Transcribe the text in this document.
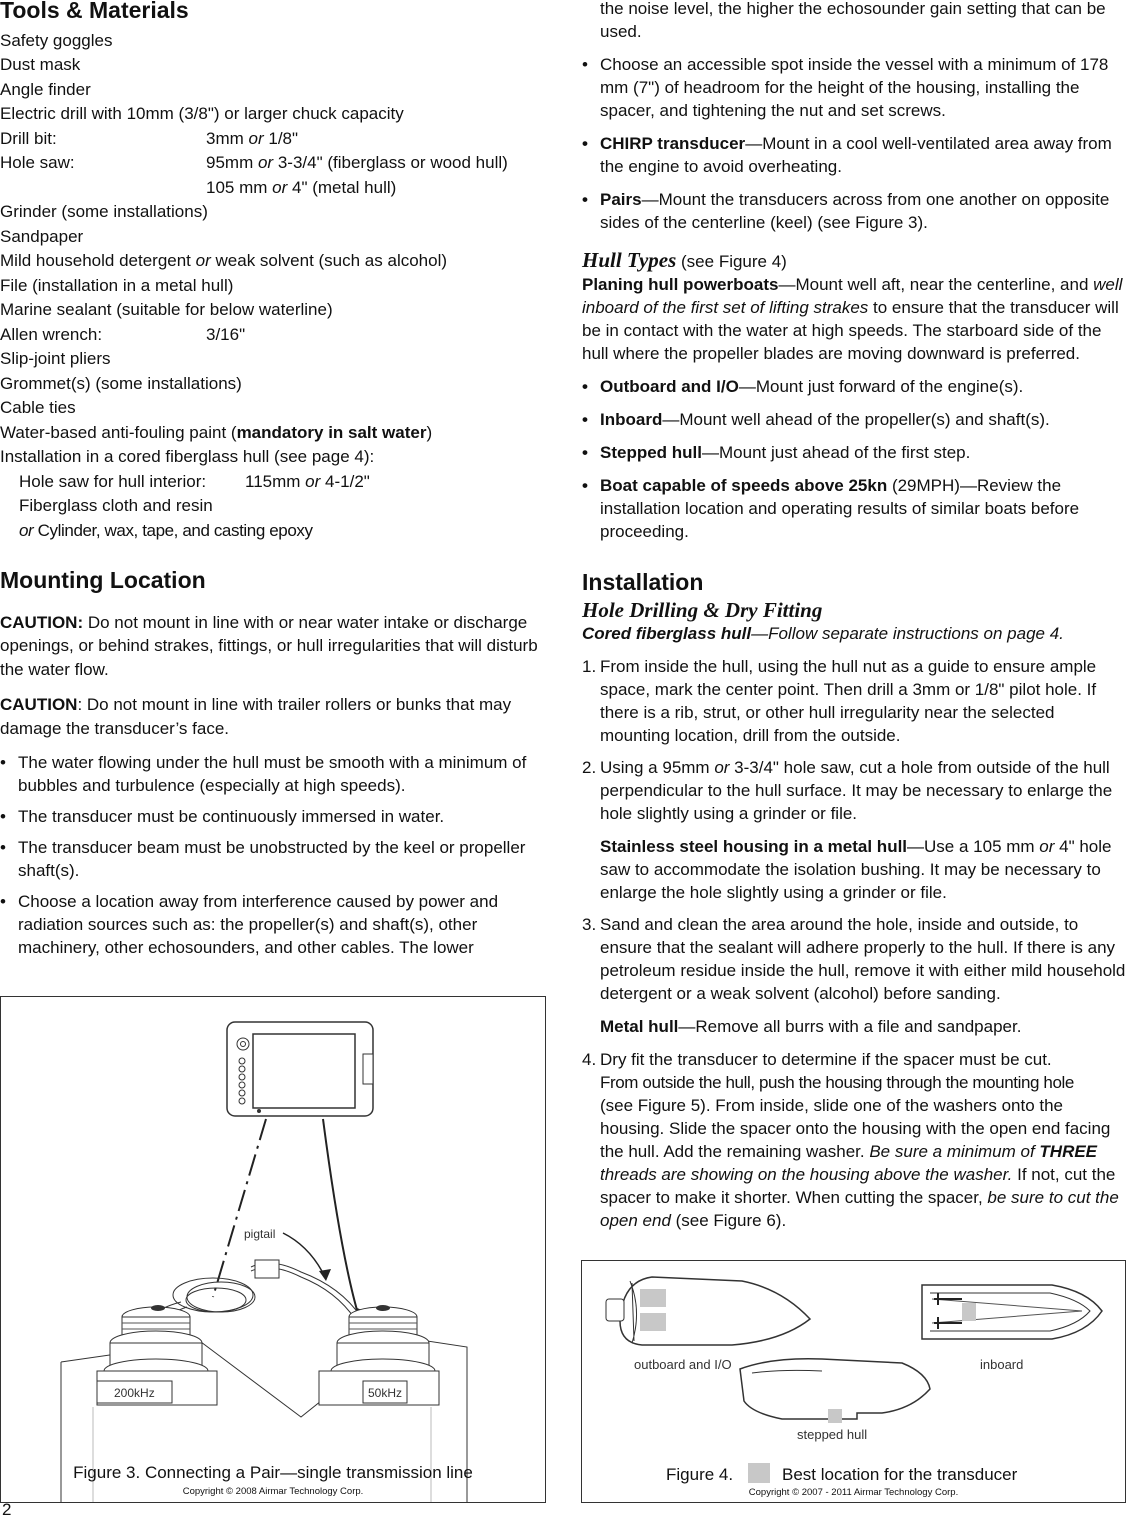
Tools & Materials

Safety goggles

Dust mask

Angle finder

Electric drill with 10mm (3/8") or larger chuck capacity

Drill bit:	3mm or 1/8"

Hole saw:	95mm or 3-3/4" (fiberglass or wood hull)

105 mm or 4" (metal hull)

Grinder (some installations)

Sandpaper

Mild household detergent or weak solvent (such as alcohol)

File (installation in a metal hull)

Marine sealant (suitable for below waterline)

Allen wrench:	3/16"

Slip-joint pliers

Grommet(s) (some installations)

Cable ties

Water-based anti-fouling paint (mandatory in salt water)

Installation in a cored fiberglass hull (see page 4):

Hole saw for hull interior: 115mm or 4-1/2"

Fiberglass cloth and resin

or Cylinder, wax, tape, and casting epoxy

Mounting Location

CAUTION: Do not mount in line with or near water intake or discharge openings, or behind strakes, fittings, or hull irregularities that will disturb the water flow.

CAUTION: Do not mount in line with trailer rollers or bunks that may damage the transducer’s face.

• The water flowing under the hull must be smooth with a minimum of bubbles and turbulence (especially at high speeds).

• The transducer must be continuously immersed in water.

• The transducer beam must be unobstructed by the keel or propeller shaft(s).

• Choose a location away from interference caused by power and radiation sources such as: the propeller(s) and shaft(s), other machinery, other echosounders, and other cables. The lower

200kHz	50kHz
pigtail
Figure 3. Connecting a Pair—single transmission line
Copyright © 2008 Airmar Technology Corp.

the noise level, the higher the echosounder gain setting that can be used.

• Choose an accessible spot inside the vessel with a minimum of 178 mm (7") of headroom for the height of the housing, installing the spacer, and tightening the nut and set screws.

• CHIRP transducer—Mount in a cool well-ventilated area away from the engine to avoid overheating.

• Pairs—Mount the transducers across from one another on opposite sides of the centerline (keel) (see Figure 3).

Hull Types (see Figure 4)

Planing hull powerboats—Mount well aft, near the centerline, and well inboard of the first set of lifting strakes to ensure that the transducer will be in contact with the water at high speeds. The starboard side of the hull where the propeller blades are moving downward is preferred.

• Outboard and I/O—Mount just forward of the engine(s).

• Inboard—Mount well ahead of the propeller(s) and shaft(s).

• Stepped hull—Mount just ahead of the first step.

• Boat capable of speeds above 25kn (29MPH)—Review the installation location and operating results of similar boats before proceeding.

Installation
Hole Drilling & Dry Fitting

Cored fiberglass hull—Follow separate instructions on page 4.

1. From inside the hull, using the hull nut as a guide to ensure ample space, mark the center point. Then drill a 3mm or 1/8" pilot hole. If there is a rib, strut, or other hull irregularity near the selected mounting location, drill from the outside.

2. Using a 95mm or 3-3/4" hole saw, cut a hole from outside of the hull perpendicular to the hull surface. It may be necessary to enlarge the hole slightly using a grinder or file.

Stainless steel housing in a metal hull—Use a 105 mm or 4" hole saw to accommodate the isolation bushing. It may be necessary to enlarge the hole slightly using a grinder or file.

3. Sand and clean the area around the hole, inside and outside, to ensure that the sealant will adhere properly to the hull. If there is any petroleum residue inside the hull, remove it with either mild household detergent or a weak solvent (alcohol) before sanding.

Metal hull—Remove all burrs with a file and sandpaper.

4. Dry fit the transducer to determine if the spacer must be cut.
From outside the hull, push the housing through the mounting hole
(see Figure 5). From inside, slide one of the washers onto the housing. Slide the spacer onto the housing with the open end facing the hull. Add the remaining washer. Be sure a minimum of THREE threads are showing on the housing above the washer. If not, cut the spacer to make it shorter. When cutting the spacer, be sure to cut the open end (see Figure 6).

outboard and I/O	inboard
stepped hull
Figure 4.	Best location for the transducer
Copyright © 2007 - 2011 Airmar Technology Corp.
2
